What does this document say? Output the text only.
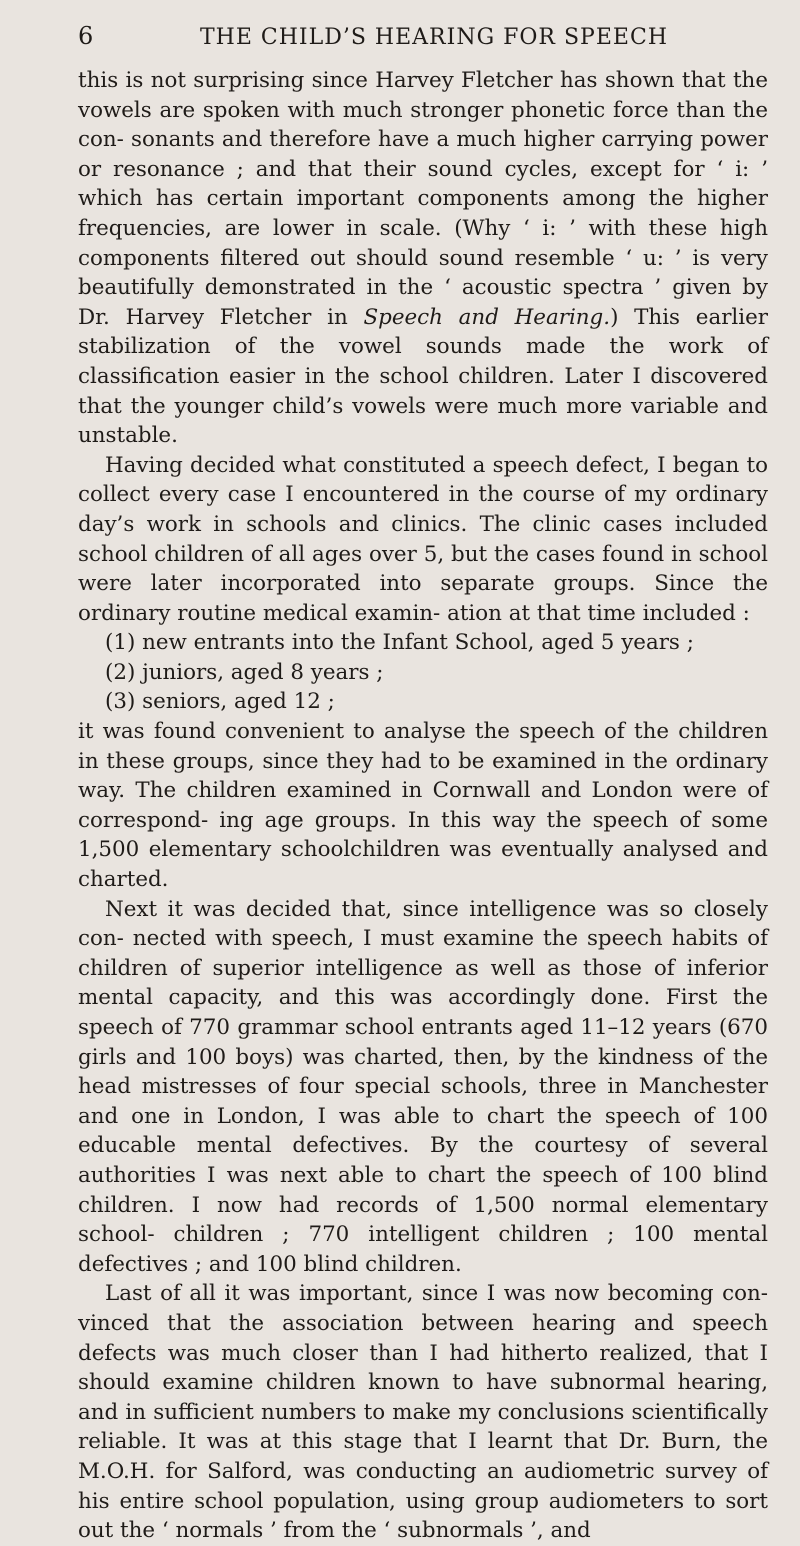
6	THE CHILD’S HEARING FOR SPEECH

this is not surprising since Harvey Fletcher has shown that the vowels are spoken with much stronger phonetic force than the con- sonants and therefore have a much higher carrying power or resonance ; and that their sound cycles, except for ‘ i: ’ which has certain important components among the higher frequencies, are lower in scale. (Why ‘ i: ’ with these high components filtered out should sound resemble ‘ u: ’ is very beautifully demonstrated in the ‘ acoustic spectra ’ given by Dr. Harvey Fletcher in Speech and Hearing.) This earlier stabilization of the vowel sounds made the work of classification easier in the school children. Later I discovered that the younger child’s vowels were much more variable and unstable.

Having decided what constituted a speech defect, I began to collect every case I encountered in the course of my ordinary day’s work in schools and clinics. The clinic cases included school children of all ages over 5, but the cases found in school were later incorporated into separate groups. Since the ordinary routine medical examin- ation at that time included :

(1) new entrants into the Infant School, aged 5 years ;

(2) juniors, aged 8 years ;

(3) seniors, aged 12 ;

it was found convenient to analyse the speech of the children in these groups, since they had to be examined in the ordinary way. The children examined in Cornwall and London were of correspond- ing age groups. In this way the speech of some 1,500 elementary schoolchildren was eventually analysed and charted.

Next it was decided that, since intelligence was so closely con- nected with speech, I must examine the speech habits of children of superior intelligence as well as those of inferior mental capacity, and this was accordingly done. First the speech of 770 grammar school entrants aged 11–12 years (670 girls and 100 boys) was charted, then, by the kindness of the head mistresses of four special schools, three in Manchester and one in London, I was able to chart the speech of 100 educable mental defectives. By the courtesy of several authorities I was next able to chart the speech of 100 blind children. I now had records of 1,500 normal elementary school- children ; 770 intelligent children ; 100 mental defectives ; and 100 blind children.

Last of all it was important, since I was now becoming con- vinced that the association between hearing and speech defects was much closer than I had hitherto realized, that I should examine children known to have subnormal hearing, and in sufficient numbers to make my conclusions scientifically reliable. It was at this stage that I learnt that Dr. Burn, the M.O.H. for Salford, was conducting an audiometric survey of his entire school population, using group audiometers to sort out the ‘ normals ’ from the ‘ subnormals ’, and
